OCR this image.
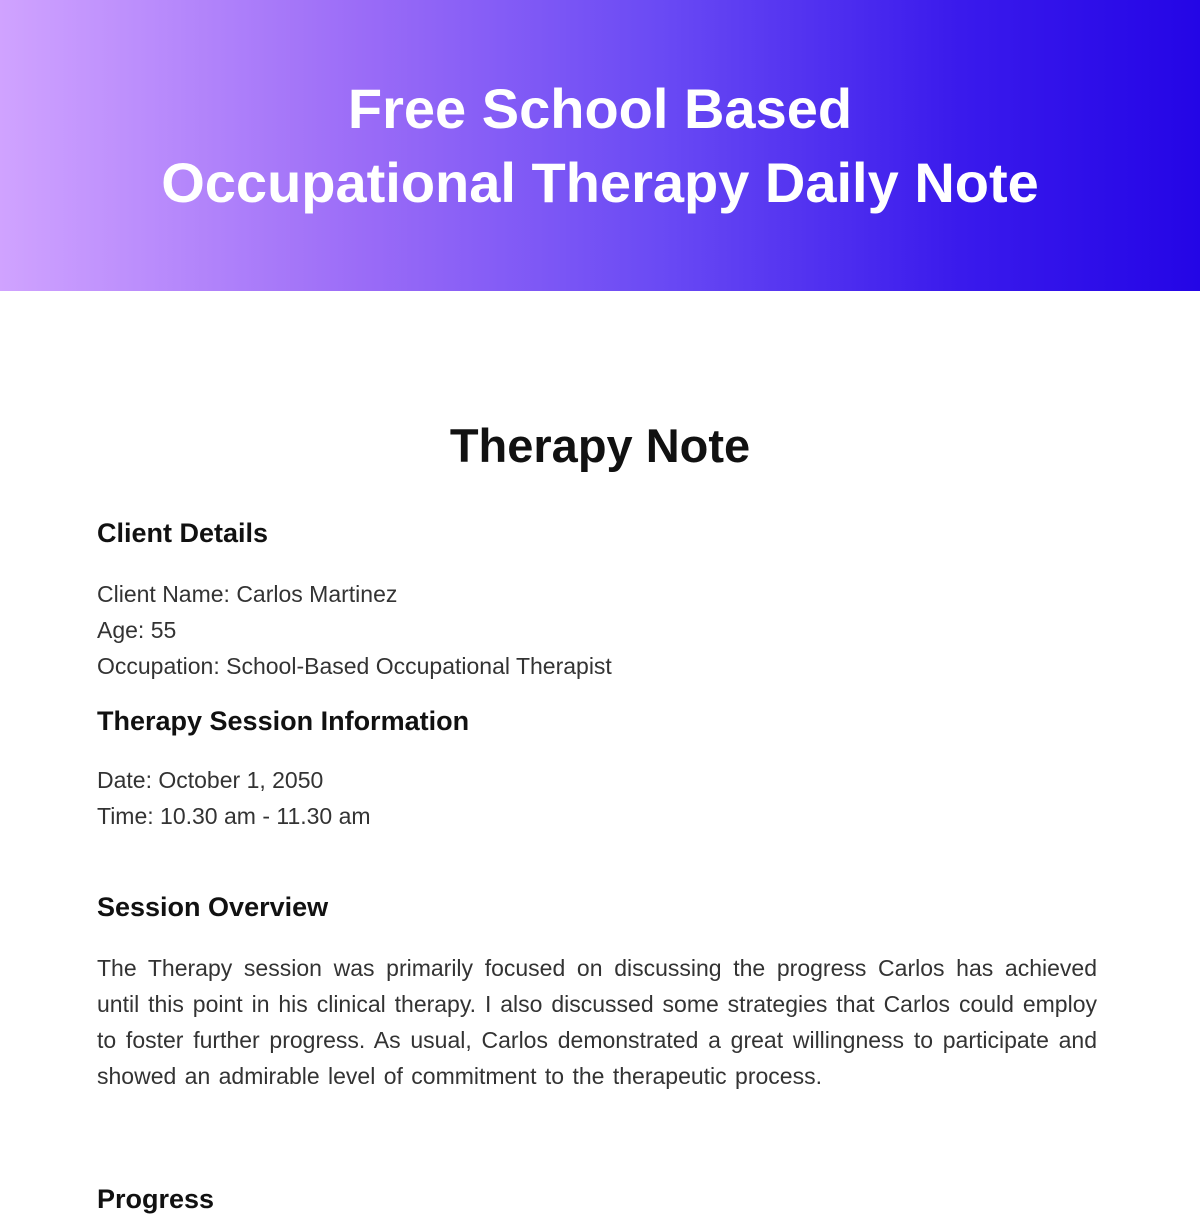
Free School Based
Occupational Therapy Daily Note
Therapy Note
Client Details
Client Name: Carlos Martinez
Age: 55
Occupation: School-Based Occupational Therapist
Therapy Session Information
Date: October 1, 2050
Time: 10.30 am - 11.30 am
Session Overview
The Therapy session was primarily focused on discussing the progress Carlos has achieved until this point in his clinical therapy. I also discussed some strategies that Carlos could employ to foster further progress. As usual, Carlos demonstrated a great willingness to participate and showed an admirable level of commitment to the therapeutic process.
Progress
